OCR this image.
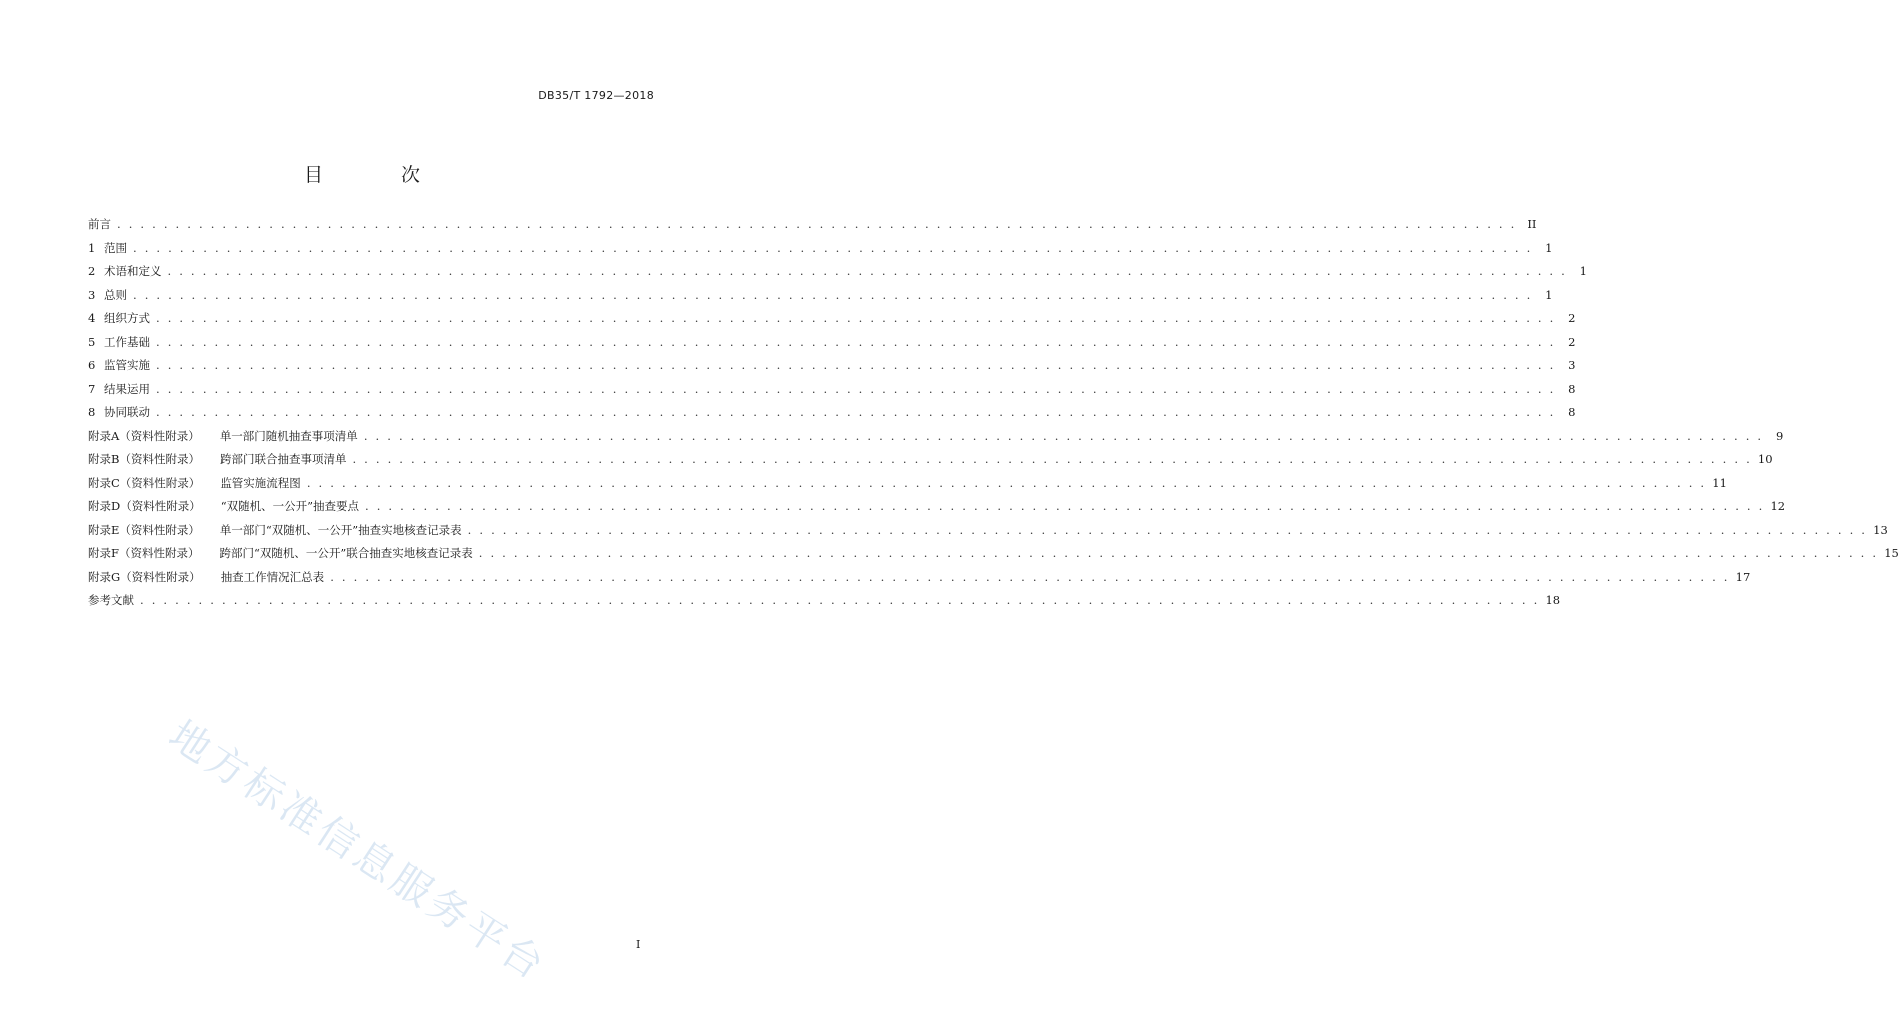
DB35/T 1792—2018
目 次
前言 . . . . . . . . . . . . . . . . . . . . . . . . . . . . . . . . . . . . . . . . . . . . . . . . . . . . . . . . . . . . . . . . . . . . . . . . . . . . . . . . . . . . . . . . . . . . . . . . . . . . . . . . . . . . . . . . . . . . . . . . II
1 范围 . . . . . . . . . . . . . . . . . . . . . . . . . . . . . . . . . . . . . . . . . . . . . . . . . . . . . . . . . . . . . . . . . . . . . . . . . . . . . . . . . . . . . . . . . . . . . . . . . . . . . . . . . . . . . . . . . . . . . . . .	1
2 术语和定义 . . . . . . . . . . . . . . . . . . . . . . . . . . . . . . . . . . . . . . . . . . . . . . . . . . . . . . . . . . . . . . . . . . . . . . . . . . . . . . . . . . . . . . . . . . . . . . . . . . . . . . . . . . . . . . . . . . . . . . . .	1
3 总则 . . . . . . . . . . . . . . . . . . . . . . . . . . . . . . . . . . . . . . . . . . . . . . . . . . . . . . . . . . . . . . . . . . . . . . . . . . . . . . . . . . . . . . . . . . . . . . . . . . . . . . . . . . . . . . . . . . . . . . . .	1
4 组织方式 . . . . . . . . . . . . . . . . . . . . . . . . . . . . . . . . . . . . . . . . . . . . . . . . . . . . . . . . . . . . . . . . . . . . . . . . . . . . . . . . . . . . . . . . . . . . . . . . . . . . . . . . . . . . . . . . . . . . . . . .	2
5 工作基础 . . . . . . . . . . . . . . . . . . . . . . . . . . . . . . . . . . . . . . . . . . . . . . . . . . . . . . . . . . . . . . . . . . . . . . . . . . . . . . . . . . . . . . . . . . . . . . . . . . . . . . . . . . . . . . . . . . . . . . . .	2
6 监管实施 . . . . . . . . . . . . . . . . . . . . . . . . . . . . . . . . . . . . . . . . . . . . . . . . . . . . . . . . . . . . . . . . . . . . . . . . . . . . . . . . . . . . . . . . . . . . . . . . . . . . . . . . . . . . . . . . . . . . . . . .	3
7 结果运用 . . . . . . . . . . . . . . . . . . . . . . . . . . . . . . . . . . . . . . . . . . . . . . . . . . . . . . . . . . . . . . . . . . . . . . . . . . . . . . . . . . . . . . . . . . . . . . . . . . . . . . . . . . . . . . . . . . . . . . . .	8
8 协同联动 . . . . . . . . . . . . . . . . . . . . . . . . . . . . . . . . . . . . . . . . . . . . . . . . . . . . . . . . . . . . . . . . . . . . . . . . . . . . . . . . . . . . . . . . . . . . . . . . . . . . . . . . . . . . . . . . . . . . . . . .	8
附录A（资料性附录） 单一部门随机抽查事项清单 . . . . . . . . . . . . . . . . . . . . . . . . . . . . . . . . . . . . . . . . . . . . . . . . . . . . . . . . . . . . . . . . . . . . . . . . . . . . . . . . . . . . . . . . . . . . . . . . . . . . . . . . . . . . . . . . . . . . . . . .	9
附录B（资料性附录） 跨部门联合抽查事项清单 . . . . . . . . . . . . . . . . . . . . . . . . . . . . . . . . . . . . . . . . . . . . . . . . . . . . . . . . . . . . . . . . . . . . . . . . . . . . . . . . . . . . . . . . . . . . . . . . . . . . . . . . . . . . . . . . . . . . . . . . 10
附录C（资料性附录） 监管实施流程图 . . . . . . . . . . . . . . . . . . . . . . . . . . . . . . . . . . . . . . . . . . . . . . . . . . . . . . . . . . . . . . . . . . . . . . . . . . . . . . . . . . . . . . . . . . . . . . . . . . . . . . . . . . . . . . . . . . . . . . . . 11
附录D（资料性附录） “双随机、一公开”抽查要点 . . . . . . . . . . . . . . . . . . . . . . . . . . . . . . . . . . . . . . . . . . . . . . . . . . . . . . . . . . . . . . . . . . . . . . . . . . . . . . . . . . . . . . . . . . . . . . . . . . . . . . . . . . . . . . . . . . . . . . . . 12
附录E（资料性附录） 单一部门“双随机、一公开”抽查实地核查记录表 . . . . . . . . . . . . . . . . . . . . . . . . . . . . . . . . . . . . . . . . . . . . . . . . . . . . . . . . . . . . . . . . . . . . . . . . . . . . . . . . . . . . . . . . . . . . . . . . . . . . . . . . . . . . . . . . . . . . . . . . 13
附录F（资料性附录） 跨部门“双随机、一公开”联合抽查实地核查记录表 . . . . . . . . . . . . . . . . . . . . . . . . . . . . . . . . . . . . . . . . . . . . . . . . . . . . . . . . . . . . . . . . . . . . . . . . . . . . . . . . . . . . . . . . . . . . . . . . . . . . . . . . . . . . . . . . . . . . . . . . 15
附录G（资料性附录） 抽查工作情况汇总表 . . . . . . . . . . . . . . . . . . . . . . . . . . . . . . . . . . . . . . . . . . . . . . . . . . . . . . . . . . . . . . . . . . . . . . . . . . . . . . . . . . . . . . . . . . . . . . . . . . . . . . . . . . . . . . . . . . . . . . . . 17
参考文献 . . . . . . . . . . . . . . . . . . . . . . . . . . . . . . . . . . . . . . . . . . . . . . . . . . . . . . . . . . . . . . . . . . . . . . . . . . . . . . . . . . . . . . . . . . . . . . . . . . . . . . . . . . . . . . . . . . . . . . . . 18
地方标准信息服务平台	I
